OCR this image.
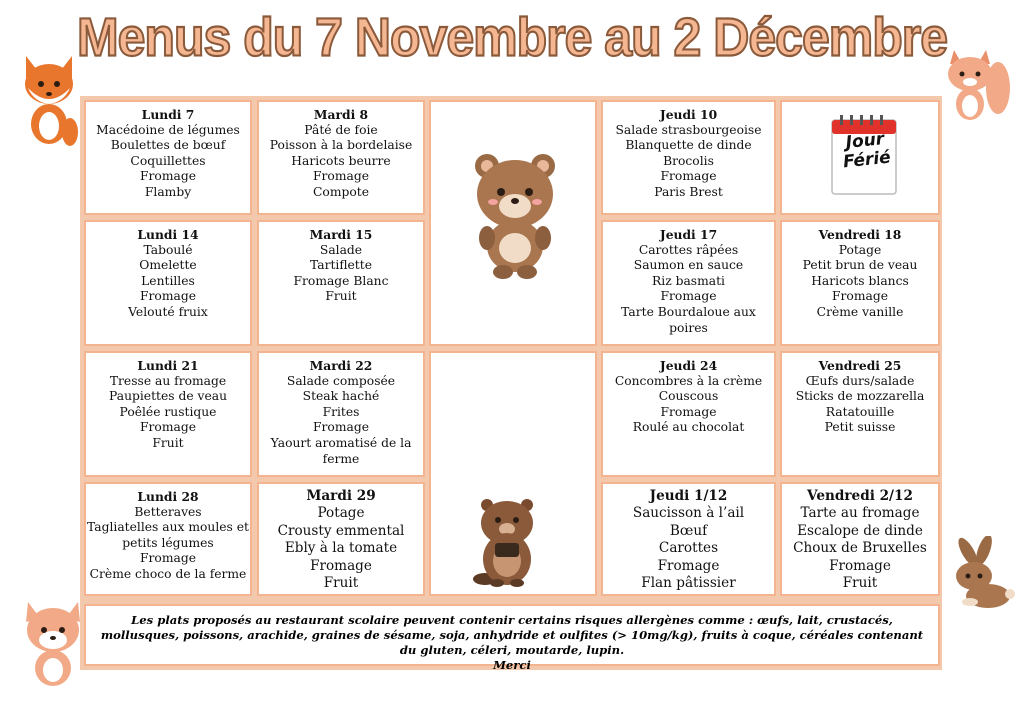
Menus du 7 Novembre au 2 Décembre
Lundi 7
Macédoine de légumes
Boulettes de bœuf
Coquillettes
Fromage
Flamby
Mardi 8
Pâté de foie
Poisson à la bordelaise
Haricots beurre
Fromage
Compote
Jeudi 10
Salade strasbourgeoise
Blanquette de dinde
Brocolis
Fromage
Paris Brest
Jour
Férié
Lundi 14
Taboulé
Omelette
Lentilles
Fromage
Velouté fruix
Mardi 15
Salade
Tartiflette
Fromage Blanc
Fruit
Jeudi 17
Carottes râpées
Saumon en sauce
Riz basmati
Fromage
Tarte Bourdaloue aux poires
Vendredi 18
Potage
Petit brun de veau
Haricots blancs
Fromage
Crème vanille
Lundi 21
Tresse au fromage
Paupiettes de veau
Poêlée rustique
Fromage
Fruit
Mardi 22
Salade composée
Steak haché
Frites
Fromage
Yaourt aromatisé de la ferme
Jeudi 24
Concombres à la crème
Couscous
Fromage
Roulé au chocolat
Vendredi 25
Œufs durs/salade
Sticks de mozzarella
Ratatouille
Petit suisse
Lundi 28
Betteraves
Tagliatelles aux moules et petits légumes
Fromage
Crème choco de la ferme
Mardi 29
Potage
Crousty emmental
Ebly à la tomate
Fromage
Fruit
Jeudi 1/12
Saucisson à l’ail
Bœuf
Carottes
Fromage
Flan pâtissier
Vendredi 2/12
Tarte au fromage
Escalope de dinde
Choux de Bruxelles
Fromage
Fruit
Les plats proposés au restaurant scolaire peuvent contenir certains risques allergènes comme : œufs, lait, crustacés, mollusques, poissons, arachide, graines de sésame, soja, anhydride et oulfites (> 10mg/kg), fruits à coque, céréales contenant du gluten, céleri, moutarde, lupin.
Merci
